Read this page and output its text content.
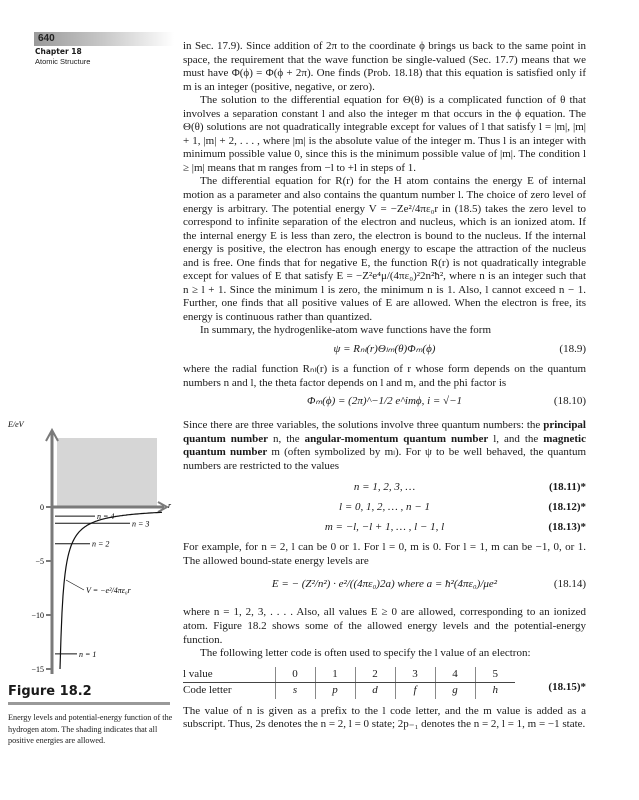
640
Chapter 18
Atomic Structure

in Sec. 17.9). Since addition of 2π to the coordinate ϕ brings us back to the same point in space, the requirement that the wave function be single-valued (Sec. 17.7) means that we must have Φ(ϕ) = Φ(ϕ + 2π). One finds (Prob. 18.18) that this equation is satisfied only if m is an integer (positive, negative, or zero).

The solution to the differential equation for Θ(θ) is a complicated function of θ that involves a separation constant l and also the integer m that occurs in the ϕ equation. The Θ(θ) solutions are not quadratically integrable except for values of l that satisfy l = |m|, |m| + 1, |m| + 2, . . . , where |m| is the absolute value of the integer m. Thus l is an integer with minimum possible value 0, since this is the minimum possible value of |m|. The condition l ≥ |m| means that m ranges from −l to +l in steps of 1.

The differential equation for R(r) for the H atom contains the energy E of internal motion as a parameter and also contains the quantum number l. The choice of zero level of energy is arbitrary. The potential energy V = −Ze²/4πε₀r in (18.5) takes the zero level to correspond to infinite separation of the electron and nucleus, which is an ionized atom. If the internal energy E is less than zero, the electron is bound to the nucleus. If the internal energy is positive, the electron has enough energy to escape the attraction of the nucleus and is free. One finds that for negative E, the function R(r) is not quadratically integrable except for values of E that satisfy E = −Z²e⁴μ/(4πε₀)²2n²ħ², where n is an integer such that n ≥ l + 1. Since the minimum l is zero, the minimum n is 1. Also, l cannot exceed n − 1. Further, one finds that all positive values of E are allowed. When the electron is free, its energy is continuous rather than quantized.

In summary, the hydrogenlike-atom wave functions have the form

ψ = Rₙₗ(r)Θₗₘ(θ)Φₘ(ϕ)	(18.9)

where the radial function Rₙₗ(r) is a function of r whose form depends on the quantum numbers n and l, the theta factor depends on l and m, and the phi factor is

Φₘ(ϕ) = (2π)^−1/2 e^imϕ, i = √−1	(18.10)

Since there are three variables, the solutions involve three quantum numbers: the principal quantum number n, the angular-momentum quantum number l, and the magnetic quantum number m (often symbolized by mₗ). For ψ to be well behaved, the quantum numbers are restricted to the values

n = 1, 2, 3, …	(18.11)*
l = 0, 1, 2, … , n − 1	(18.12)*
m = −l, −l + 1, … , l − 1, l	(18.13)*

For example, for n = 2, l can be 0 or 1. For l = 0, m is 0. For l = 1, m can be −1, 0, or 1. The allowed bound-state energy levels are

E = − (Z²/n²) · e²/((4πε₀)2a) where a = ħ²(4πε₀)/μe²	(18.14)

where n = 1, 2, 3, . . . . Also, all values E ≥ 0 are allowed, corresponding to an ionized atom. Figure 18.2 shows some of the allowed energy levels and the potential-energy function.

The following letter code is often used to specify the l value of an electron:

l value	0	1	2	3	4	5
Code letter	s	p	d	f	g	h	(18.15)*

The value of n is given as a prefix to the l code letter, and the m value is added as a subscript. Thus, 2s denotes the n = 2, l = 0 state; 2p₋₁ denotes the n = 2, l = 1, m = −1 state.

E/eV
r
0
−5
−10
−15
n = 1
n = 2
n = 3
n = 4
V = −e²/4πε₀r
Figure 18.2
Energy levels and potential-energy function of the hydrogen atom. The shading indicates that all positive energies are allowed.
